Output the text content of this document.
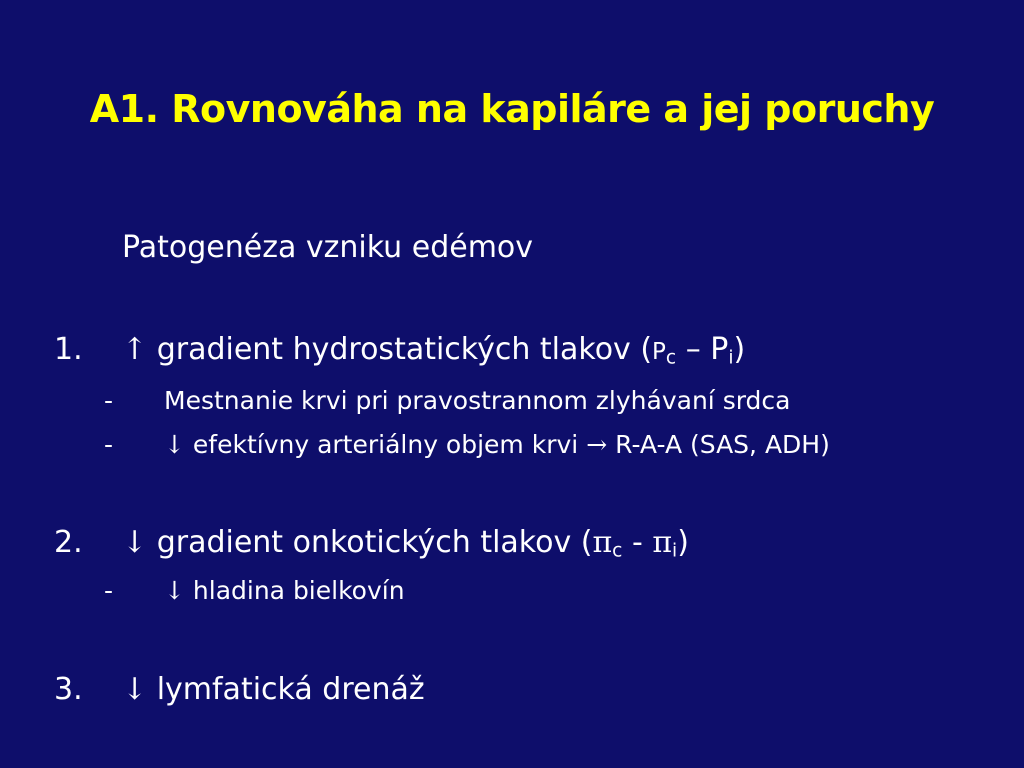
A1. Rovnováha na kapiláre a jej poruchy
Patogenéza vzniku edémov
1. ↑ gradient hydrostatických tlakov $(P_c - P_i)$
- Mestnanie krvi pri pravostrannom zlyhávaní srdca
- ↓ efektívny arteriálny objem krvi → R-A-A (SAS, ADH)
2. ↓ gradient onkotických tlakov $(\pi_c - \pi_i)$
- ↓ hladina bielkovín
3. ↓ lymfatická drenáž
